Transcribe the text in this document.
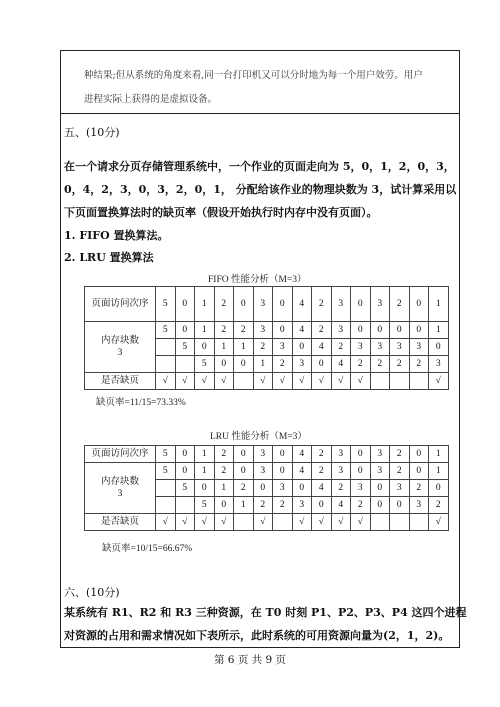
种结果;但从系统的角度来看,同一台打印机又可以分时地为每一个用户效劳。用户
进程实际上获得的是虚拟设备。
五、(10分)
在一个请求分页存储管理系统中，一个作业的页面走向为 5，0，1，2，0，3，
0，4，2，3，0，3，2，0，1， 分配给该作业的物理块数为 3，试计算采用以
下页面置换算法时的缺页率（假设开始执行时内存中没有页面）。
1. FIFO 置换算法。
2. LRU 置换算法
FIFO 性能分析（M=3）
页面访问次序	5	0	1	2	0	3	0	4	2	3	0	3	2	0	1
内存块数
3	5	0	1	2	2	3	0	4	2	3	0	0	0	0	1
		5	0	1	1	2	3	0	4	2	3	3	3	3	0
			5	0	0	1	2	3	0	4	2	2	2	2	3
是否缺页	√	√	√	√		√	√	√	√	√	√				√
缺页率=11/15=73.33%
LRU 性能分析（M=3）
页面访问次序	5	0	1	2	0	3	0	4	2	3	0	3	2	0	1
内存块数
3	5	0	1	2	0	3	0	4	2	3	0	3	2	0	1
		5	0	1	2	0	3	0	4	2	3	0	3	2	0
			5	0	1	2	2	3	0	4	2	0	0	3	2
是否缺页	√	√	√	√		√		√	√	√	√				√
缺页率=10/15=66.67%
六、(10分)
某系统有 R1、R2 和 R3 三种资源，在 T0 时刻 P1、P2、P3、P4 这四个进程
对资源的占用和需求情况如下表所示，此时系统的可用资源向量为(2，1，2)。
第 6 页 共 9 页
